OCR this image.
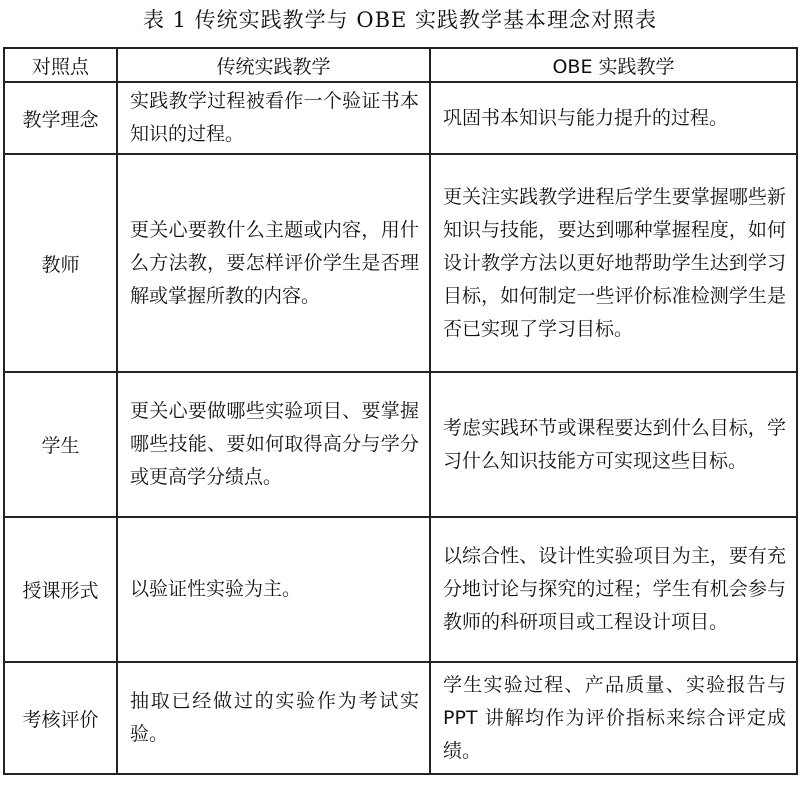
表 1 传统实践教学与 OBE 实践教学基本理念对照表
对照点	传统实践教学	OBE 实践教学
教学理念	实践教学过程被看作一个验证书本知识的过程。	巩固书本知识与能力提升的过程。
教师	更关心要教什么主题或内容，用什么方法教，要怎样评价学生是否理解或掌握所教的内容。	更关注实践教学进程后学生要掌握哪些新知识与技能，要达到哪种掌握程度，如何设计教学方法以更好地帮助学生达到学习目标，如何制定一些评价标准检测学生是否已实现了学习目标。
学生	更关心要做哪些实验项目、要掌握哪些技能、要如何取得高分与学分或更高学分绩点。	考虑实践环节或课程要达到什么目标，学习什么知识技能方可实现这些目标。
授课形式	以验证性实验为主。	以综合性、设计性实验项目为主，要有充分地讨论与探究的过程；学生有机会参与教师的科研项目或工程设计项目。
考核评价	抽取已经做过的实验作为考试实验。	学生实验过程、产品质量、实验报告与 PPT 讲解均作为评价指标来综合评定成绩。
